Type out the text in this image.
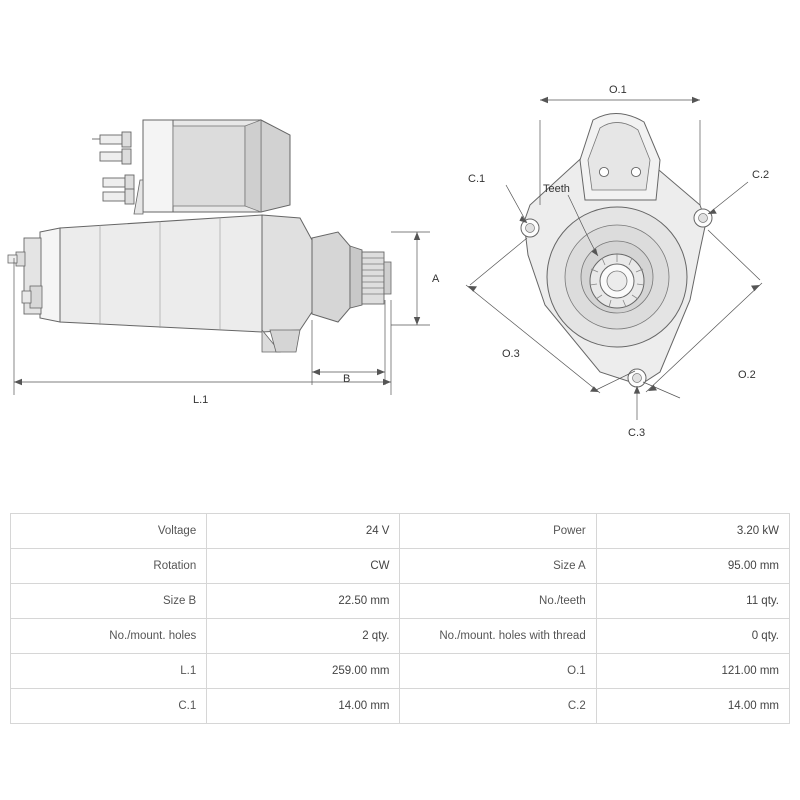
A
B
L.1
O.1
O.3
O.2
C.1	C.2
C.3
Teeth
Voltage	24 V	Power	3.20 kW
Rotation	CW	Size A	95.00 mm
Size B	22.50 mm	No./teeth	11 qty.
No./mount. holes	2 qty.	No./mount. holes with thread	0 qty.
L.1	259.00 mm	O.1	121.00 mm
C.1	14.00 mm	C.2	14.00 mm
